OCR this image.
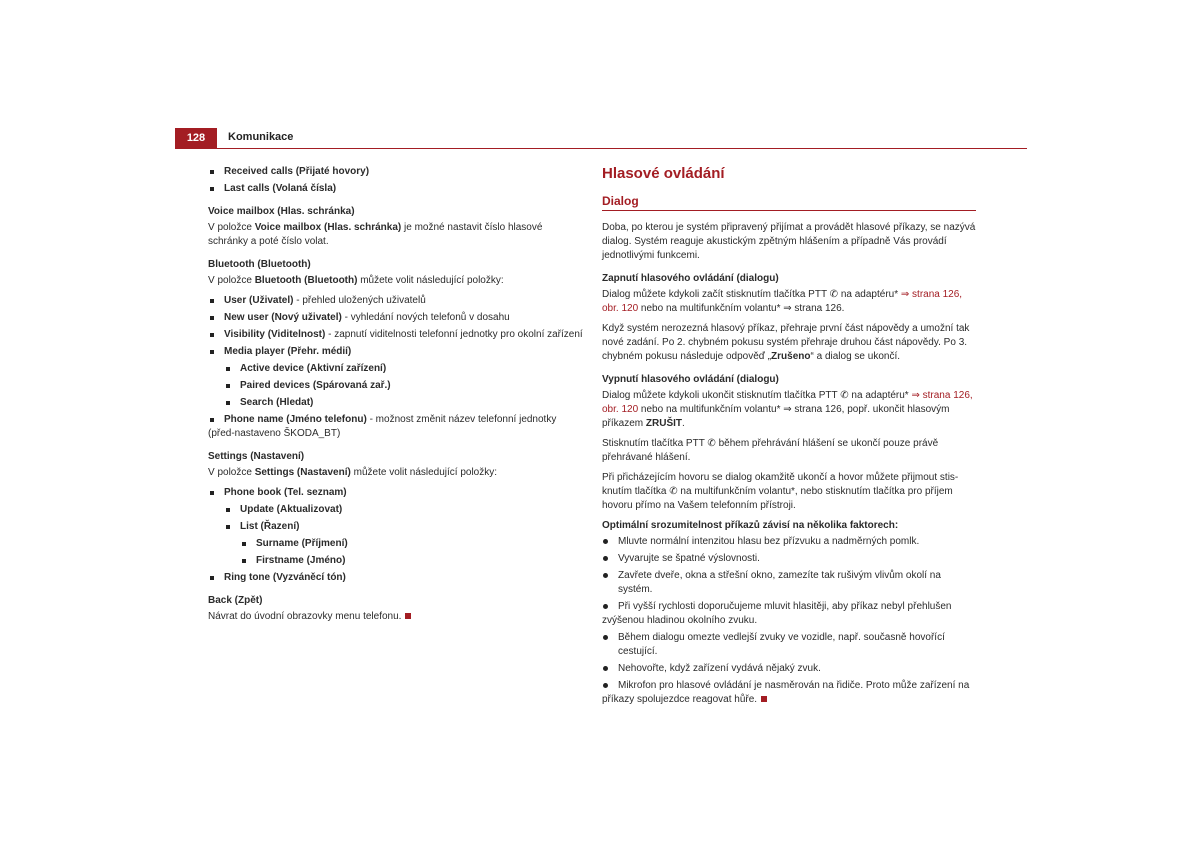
128	Komunikace
Received calls (Přijaté hovory)
Last calls (Volaná čísla)
Voice mailbox (Hlas. schránka)

V položce Voice mailbox (Hlas. schránka) je možné nastavit číslo hlasové schránky a poté číslo volat.

Bluetooth (Bluetooth)

V položce Bluetooth (Bluetooth) můžete volit následující položky:

User (Uživatel) - přehled uložených uživatelů
New user (Nový uživatel) - vyhledání nových telefonů v dosahu
Visibility (Viditelnost) - zapnutí viditelnosti telefonní jednotky pro okolní zařízení
Media player (Přehr. médií)
Active device (Aktivní zařízení)
Paired devices (Spárovaná zař.)
Search (Hledat)
Phone name (Jméno telefonu) - možnost změnit název telefonní jednotky (před-nastaveno ŠKODA_BT)
Settings (Nastavení)

V položce Settings (Nastavení) můžete volit následující položky:

Phone book (Tel. seznam)
Update (Aktualizovat)
List (Řazení)
Surname (Příjmení)
Firstname (Jméno)
Ring tone (Vyzváněcí tón)
Back (Zpět)

Návrat do úvodní obrazovky menu telefonu.

Hlasové ovládání
Dialog

Doba, po kterou je systém připravený přijímat a provádět hlasové příkazy, se nazývá dialog. Systém reaguje akustickým zpětným hlášením a případně Vás provádí jednotlivými funkcemi.

Zapnutí hlasového ovládání (dialogu)

Dialog můžete kdykoli začít stisknutím tlačítka PTT ✆ na adaptéru* ⇒ strana 126, obr. 120 nebo na multifunkčním volantu* ⇒ strana 126.

Když systém nerozezná hlasový příkaz, přehraje první část nápovědy a umožní tak nové zadání. Po 2. chybném pokusu systém přehraje druhou část nápovědy. Po 3. chybném pokusu následuje odpověď „Zrušeno“ a dialog se ukončí.

Vypnutí hlasového ovládání (dialogu)

Dialog můžete kdykoli ukončit stisknutím tlačítka PTT ✆ na adaptéru* ⇒ strana 126, obr. 120 nebo na multifunkčním volantu* ⇒ strana 126, popř. ukončit hlasovým příkazem ZRUŠIT.

Stisknutím tlačítka PTT ✆ během přehrávání hlášení se ukončí pouze právě přehrávané hlášení.

Při přicházejícím hovoru se dialog okamžitě ukončí a hovor můžete přijmout stis-knutím tlačítka ✆ na multifunkčním volantu*, nebo stisknutím tlačítka pro příjem hovoru přímo na Vašem telefonním přístroji.

Optimální srozumitelnost příkazů závisí na několika faktorech:
Mluvte normální intenzitou hlasu bez přízvuku a nadměrných pomlk.
Vyvarujte se špatné výslovnosti.
Zavřete dveře, okna a střešní okno, zamezíte tak rušivým vlivům okolí na systém.
Při vyšší rychlosti doporučujeme mluvit hlasitěji, aby příkaz nebyl přehlušen zvýšenou hladinou okolního zvuku.
Během dialogu omezte vedlejší zvuky ve vozidle, např. současně hovořící cestující.
Nehovořte, když zařízení vydává nějaký zvuk.
Mikrofon pro hlasové ovládání je nasměrován na řidiče. Proto může zařízení na příkazy spolujezdce reagovat hůře.
